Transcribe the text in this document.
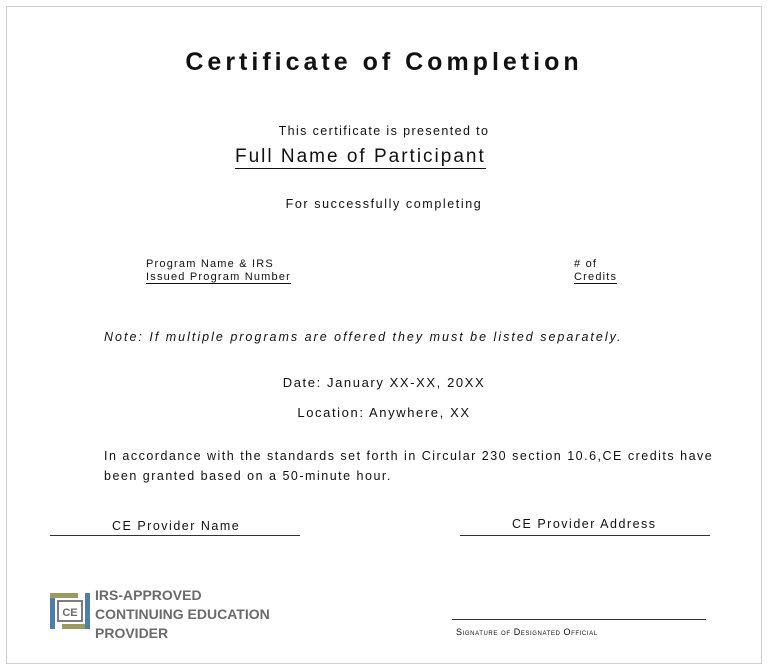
Certificate of Completion
This certificate is presented to
Full Name of Participant
For successfully completing
Program Name & IRS
Issued Program Number
# of
Credits
Note: If multiple programs are offered they must be listed separately.
Date: January XX-XX, 20XX
Location: Anywhere, XX
In accordance with the standards set forth in Circular 230 section 10.6,CE credits have been granted based on a 50-minute hour.
CE Provider Name	CE Provider Address
Signature of Designated Official
CE
IRS-APPROVED
CONTINUING EDUCATION
PROVIDER
